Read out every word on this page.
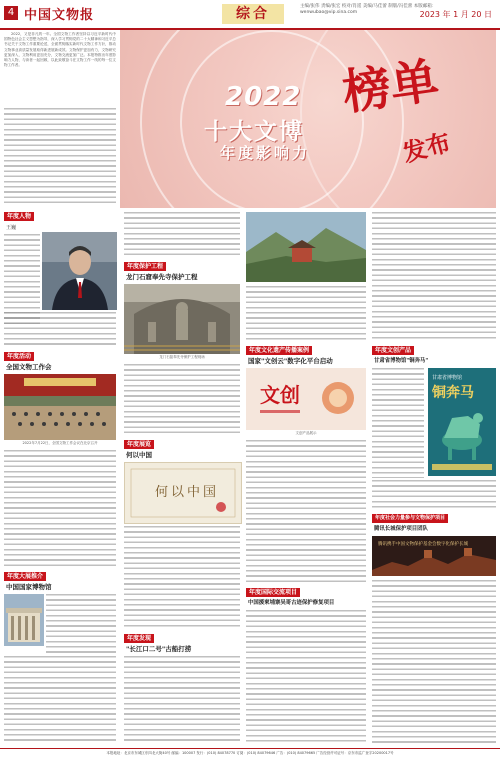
4 中国文物报	综合	主编/张伟 责编/张宏 校对/肖遥 美编/马佳蕾 制版/冯佳蕾 本版邮箱：wenwubao@vip.sina.com	2023 年 1 月 20 日

2022，又是非凡的一年。全国文物工作者坚持以习近平新时代中国特色社会主义思想为指导，深入学习贯彻党的二十大精神和习近平总书记关于文物工作重要论述，全面贯彻落实新时代文物工作方针，推动文物事业高质量发展取得新进展新成效。文物保护更加有力，文物研究更加深入，文物利用更加充分，文物交流更加广泛。本报特推出年度影响力人物，与读者一起回顾，以此致敬奋斗在文物工作一线的每一位文物工作者。

2022
十大文博
年度影响力
榜单
发布
年度人物
王巍
年度活动
全国文物工作会
2022年7月22日，全国文物工作会议在北京召开
年度大展推介
中国国家博物馆
年度保护工程
龙门石窟奉先寺保护工程
龙门石窟奉先寺保护工程现场
年度展览
何以中国
何以中国
年度发现
"长江口二号"古船打捞
年度文化遗产传播案例
国家"文创云"数字化平台启动
文创
文创产品展示
年度国际交流项目
中国援柬埔寨吴哥古迹保护修复项目
年度文创产品
甘肃省博物馆"铜奔马"
甘肃省博物馆
铜奔马
年度社会力量参与文物保护项目
腾讯长城保护项目团队
腾讯携手中国文物保护基金会数字化保护长城
本报地址：北京市东城区东四北大街40号 邮编：100007 发行：(010) 84078770 订阅：(010) 84079646 广告：(010) 84079665 广告经营许可证号：京东市监广登字20200017号
